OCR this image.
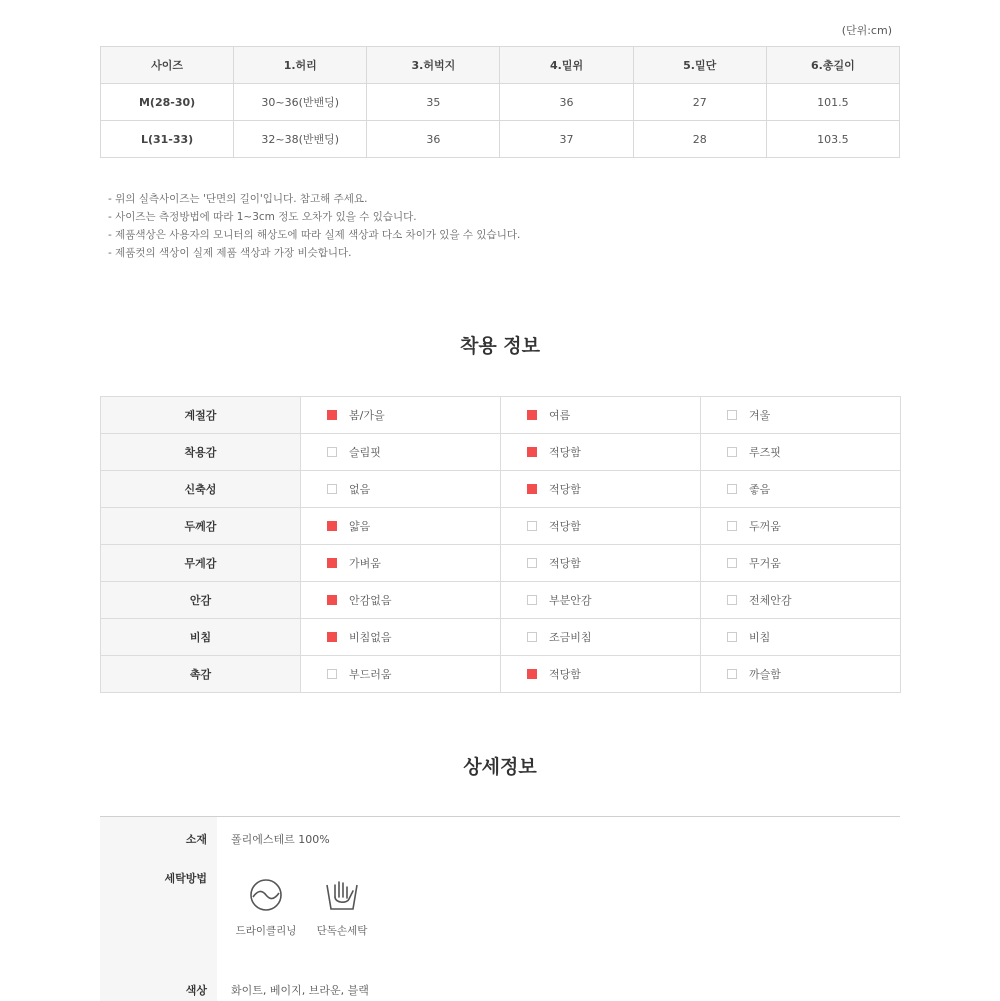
(단위:cm)
사이즈	1.허리	3.허벅지	4.밑위	5.밑단	6.총길이
M(28-30)	30~36(반밴딩)	35	36	27	101.5
L(31-33)	32~38(반밴딩)	36	37	28	103.5
- 위의 실측사이즈는 '단면의 길이'입니다. 참고해 주세요.
- 사이즈는 측정방법에 따라 1~3cm 정도 오차가 있을 수 있습니다.
- 제품색상은 사용자의 모니터의 해상도에 따라 실제 색상과 다소 차이가 있을 수 있습니다.
- 제품컷의 색상이 실제 제품 색상과 가장 비슷합니다.
착용 정보
계절감	봄/가을	여름	겨울

착용감	슬림핏	적당함	루즈핏

신축성	없음	적당함	좋음

두께감	얇음	적당함	두꺼움

무게감	가벼움	적당함	무거움

안감	안감없음	부분안감	전체안감

비침	비침없음	조금비침	비침

촉감	부드러움	적당함	까슬함
상세정보
소재 폴리에스테르 100%
세탁방법
드라이클리닝	단독손세탁
색상 화이트, 베이지, 브라운, 블랙
